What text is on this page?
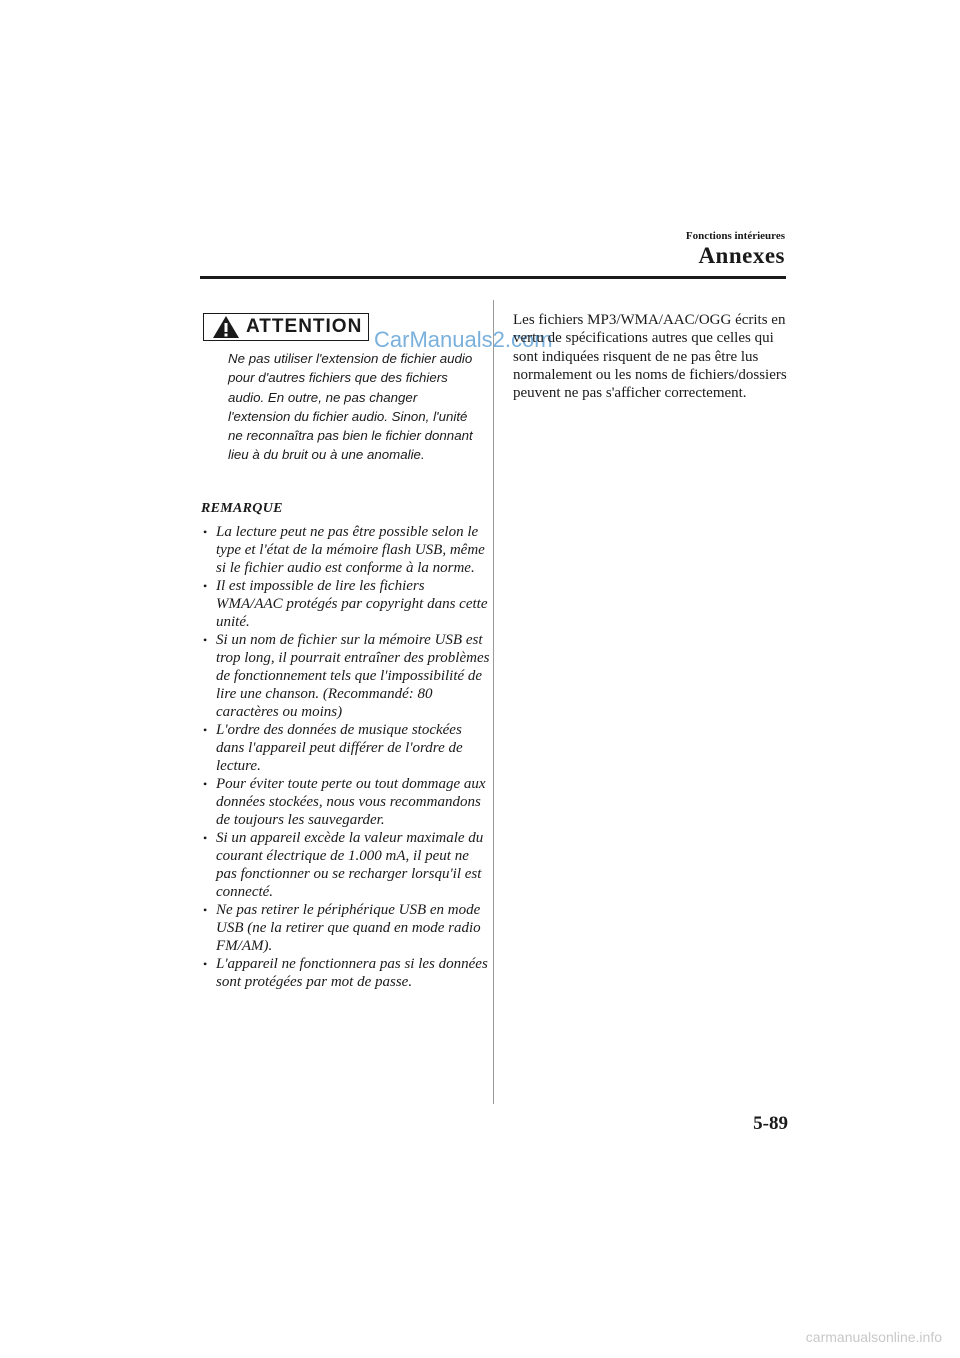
Fonctions intérieures
Annexes
ATTENTION
Ne pas utiliser l'extension de fichier audio pour d'autres fichiers que des fichiers audio. En outre, ne pas changer l'extension du fichier audio. Sinon, l'unité ne reconnaîtra pas bien le fichier donnant lieu à du bruit ou à une anomalie.
CarManuals2.com
REMARQUE
• La lecture peut ne pas être possible selon le type et l'état de la mémoire flash USB, même si le fichier audio est conforme à la norme.
• Il est impossible de lire les fichiers WMA/AAC protégés par copyright dans cette unité.
• Si un nom de fichier sur la mémoire USB est trop long, il pourrait entraîner des problèmes de fonctionnement tels que l'impossibilité de lire une chanson. (Recommandé: 80 caractères ou moins)
• L'ordre des données de musique stockées dans l'appareil peut différer de l'ordre de lecture.
• Pour éviter toute perte ou tout dommage aux données stockées, nous vous recommandons de toujours les sauvegarder.
• Si un appareil excède la valeur maximale du courant électrique de 1.000 mA, il peut ne pas fonctionner ou se recharger lorsqu'il est connecté.
• Ne pas retirer le périphérique USB en mode USB (ne la retirer que quand en mode radio FM/AM).
• L'appareil ne fonctionnera pas si les données sont protégées par mot de passe.
Les fichiers MP3/WMA/AAC/OGG écrits en vertu de spécifications autres que celles qui sont indiquées risquent de ne pas être lus normalement ou les noms de fichiers/dossiers peuvent ne pas s'afficher correctement.
5-89
carmanualsonline.info
